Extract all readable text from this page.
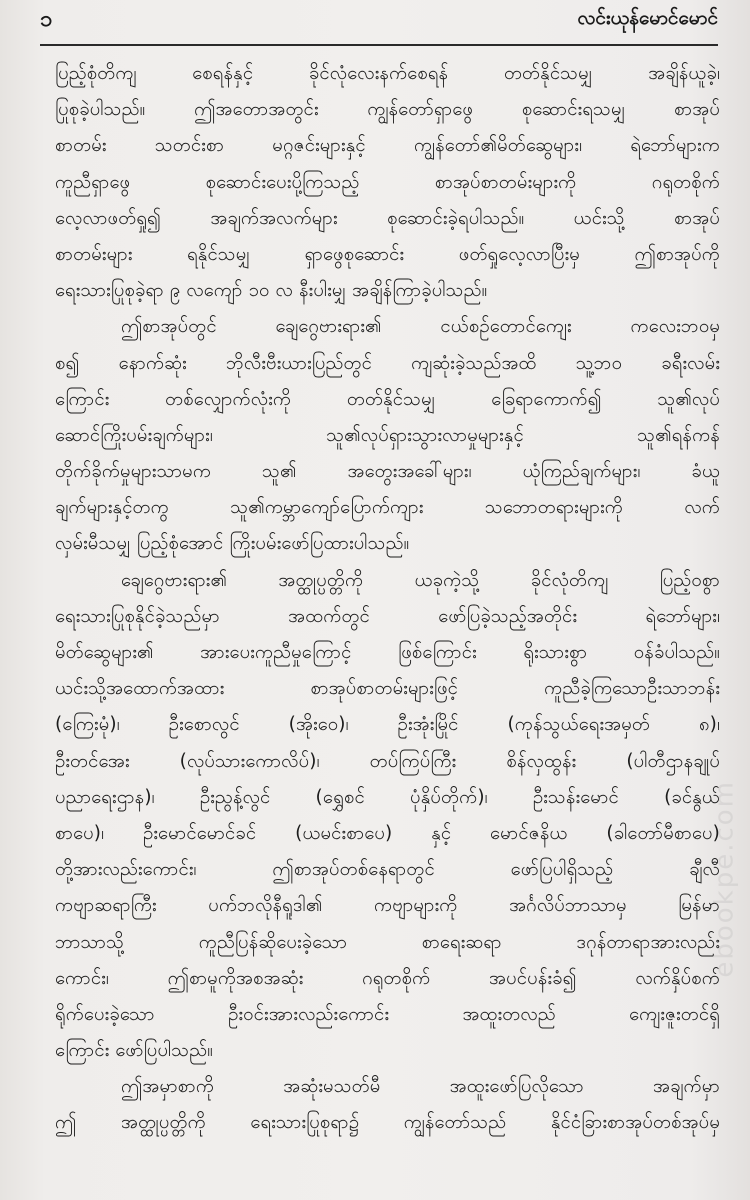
၁	လင်းယုန်မောင်မောင်
ပြည့်စုံတိကျ စေရန်နှင့် ခိုင်လုံလေးနက်စေရန် တတ်နိုင်သမျှ အချိန်ယူခဲ့၊
ပြုစုခဲ့ပါသည်။ ဤအတောအတွင်း ကျွန်တော်ရှာဖွေ စုဆောင်းရသမျှ စာအုပ်
စာတမ်း သတင်းစာ မဂ္ဂဇင်းများနှင့် ကျွန်တော်၏မိတ်ဆွေများ၊ ရဲဘော်များက
ကူညီရှာဖွေ စုဆောင်းပေးပို့ကြသည့် စာအုပ်စာတမ်းများကို ဂရုတစိုက်
လေ့လာဖတ်ရှု၍ အချက်အလက်များ စုဆောင်းခဲ့ရပါသည်။ ယင်းသို့ စာအုပ်
စာတမ်းများ ရနိုင်သမျှ ရှာဖွေစုဆောင်း ဖတ်ရှုလေ့လာပြီးမှ ဤစာအုပ်ကို
ရေးသားပြုစုခဲ့ရာ ၉ လကျော် ၁၀ လ နီးပါးမျှ အချိန်ကြာခဲ့ပါသည်။
ဤစာအုပ်တွင် ချေဂွေဗားရား၏ ငယ်စဉ်တောင်ကျေး ကလေးဘဝမှ
စ၍ နောက်ဆုံး ဘိုလီးဗီးယားပြည်တွင် ကျဆုံးခဲ့သည်အထိ သူ့ဘဝ ခရီးလမ်း
ကြောင်း တစ်လျှောက်လုံးကို တတ်နိုင်သမျှ ခြေရာကောက်၍ သူ၏လုပ်
ဆောင်ကြိုးပမ်းချက်များ၊ သူ၏လုပ်ရှားသွားလာမှုများနှင့် သူ၏ရန်ကန်
တိုက်ခိုက်မှုများသာမက သူ၏ အတွေးအခေါ်များ၊ ယုံကြည်ချက်များ၊ ခံယူ
ချက်များနှင့်တကွ သူ၏ကမ္ဘာကျော်ပြောက်ကျား သဘောတရားများကို လက်
လှမ်းမီသမျှ ပြည့်စုံအောင် ကြိုးပမ်းဖော်ပြထားပါသည်။
ချေဂွေဗားရား၏ အတ္ထုပ္ပတ္တိကို ယခုကဲ့သို့ ခိုင်လုံတိကျ ပြည့်ဝစွာ
ရေးသားပြုစုနိုင်ခဲ့သည်မှာ အထက်တွင် ဖော်ပြခဲ့သည့်အတိုင်း ရဲဘော်များ၊
မိတ်ဆွေများ၏ အားပေးကူညီမှုကြောင့် ဖြစ်ကြောင်း ရိုးသားစွာ ဝန်ခံပါသည်။
ယင်းသို့အထောက်အထား စာအုပ်စာတမ်းများဖြင့် ကူညီခဲ့ကြသောဦးသာဘန်း
(ကြေးမုံ)၊ ဦးစောလွင် (အိုးဝေ)၊ ဦးအုံးမြိုင် (ကုန်သွယ်ရေးအမှတ် ၈)၊
ဦးတင်အေး (လုပ်သားကောလိပ်)၊ တပ်ကြပ်ကြီး စိန်လှထွန်း (ပါတီဌာနချုပ်
ပညာရေးဌာန)၊ ဦးညွန့်လွင် (ရွှေစင် ပုံနှိပ်တိုက်)၊ ဦးသန်းမောင် (ခင်နွယ်
စာပေ)၊ ဦးမောင်မောင်ခင် (ယမင်းစာပေ) နှင့် မောင်ဇနိယ (ခါတော်မီစာပေ)
တို့အားလည်းကောင်း၊ ဤစာအုပ်တစ်နေရာတွင် ဖော်ပြပါရှိသည့် ချီလီ
ကဗျာဆရာကြီး ပက်ဘလိုနီရူဒါ၏ ကဗျာများကို အင်္ဂလိပ်ဘာသာမှ မြန်မာ
ဘာသာသို့ ကူညီပြန်ဆိုပေးခဲ့သော စာရေးဆရာ ဒဂုန်တာရာအားလည်း
ကောင်း၊ ဤစာမူကိုအစအဆုံး ဂရုတစိုက် အပင်ပန်းခံ၍ လက်နှိပ်စက်
ရိုက်ပေးခဲ့သော ဦးဝင်းအားလည်းကောင်း အထူးတလည် ကျေးဇူးတင်ရှိ
ကြောင်း ဖော်ပြပါသည်။
ဤအမှာစာကို အဆုံးမသတ်မီ အထူးဖော်ပြလိုသော အချက်မှာ
ဤ အတ္ထုပ္ပတ္တိကို ရေးသားပြုစုရာ၌ ကျွန်တော်သည် နိုင်ငံခြားစာအုပ်တစ်အုပ်မှ
ebookpe.com
